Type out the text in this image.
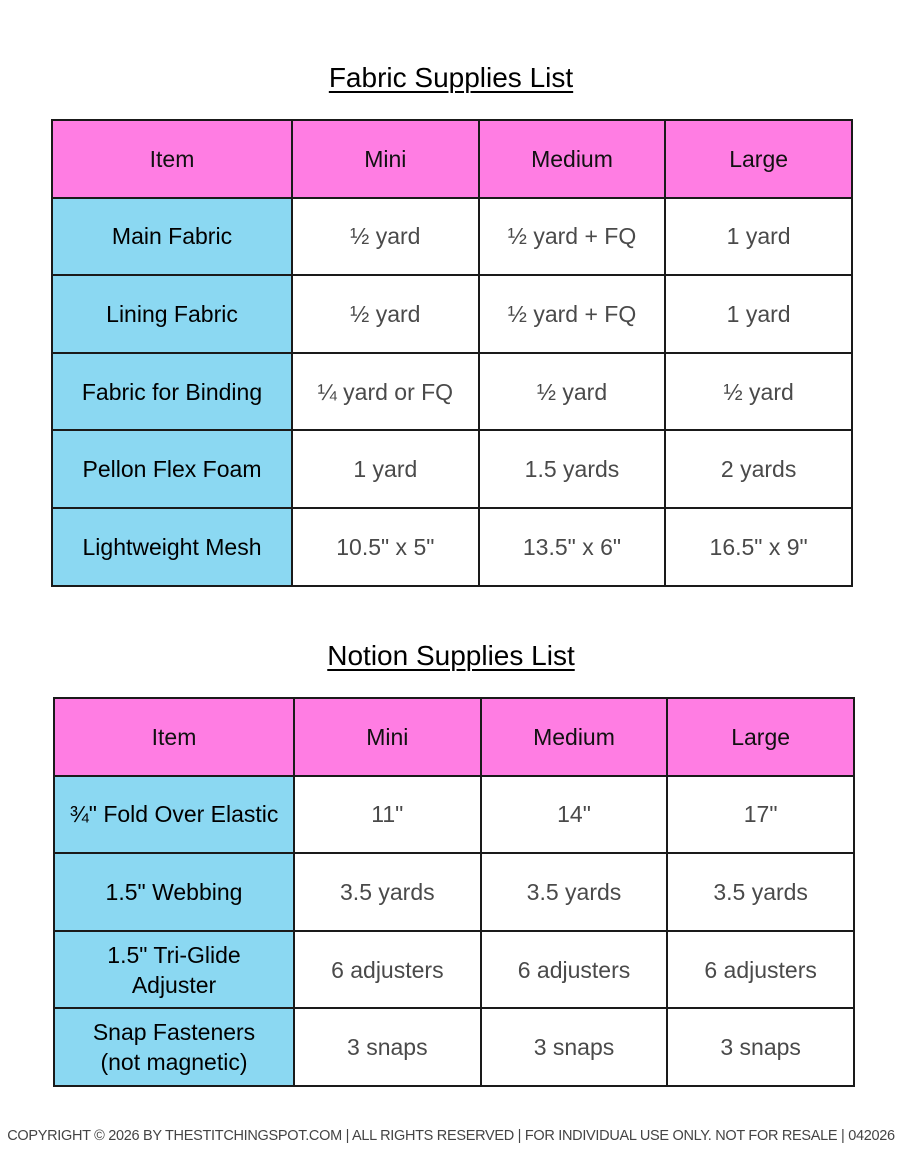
Fabric Supplies List
Item	Mini	Medium	Large
Main Fabric	½ yard	½ yard + FQ	1 yard
Lining Fabric	½ yard	½ yard + FQ	1 yard
Fabric for Binding	¼ yard or FQ	½ yard	½ yard
Pellon Flex Foam	1 yard	1.5 yards	2 yards
Lightweight Mesh	10.5" x 5"	13.5" x 6"	16.5" x 9"
Notion Supplies List
Item	Mini	Medium	Large
¾" Fold Over Elastic	11"	14"	17"
1.5" Webbing	3.5 yards	3.5 yards	3.5 yards

1.5" Tri-Glide
Adjuster	6 adjusters	6 adjusters	6 adjusters

Snap Fasteners
(not magnetic)	3 snaps	3 snaps	3 snaps
COPYRIGHT © 2026 BY THESTITCHINGSPOT.COM | ALL RIGHTS RESERVED | FOR INDIVIDUAL USE ONLY. NOT FOR RESALE | 042026
